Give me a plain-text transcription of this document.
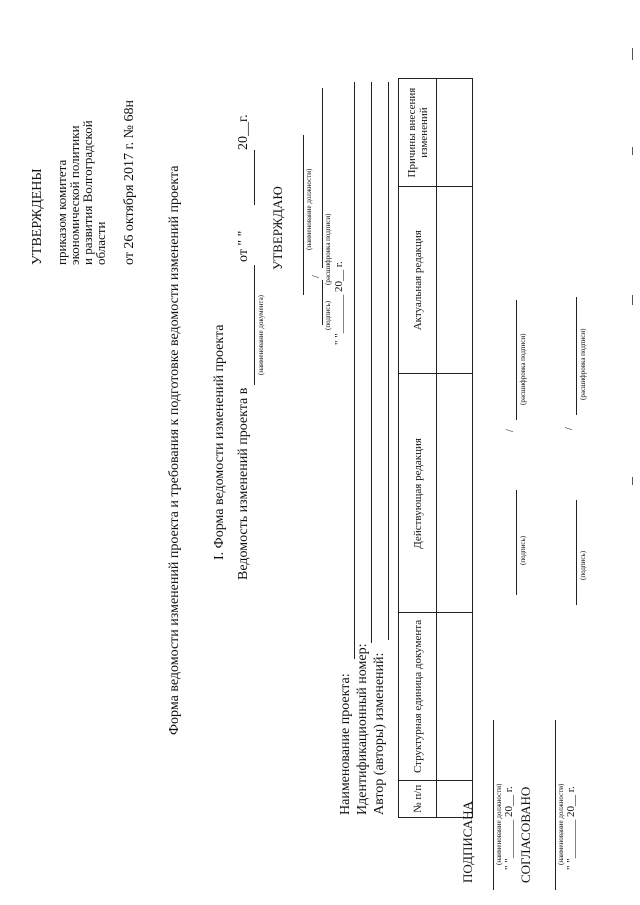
УТВЕРЖДЕНЫ приказом комитета
экономической политики
и развития Волгоградской
области от 26 октября 2017 г. № 68н Форма ведомости изменений проекта и требования к подготовке ведомости изменений проекта I. Форма ведомости изменений проекта Ведомость изменений проекта в
от " "
20__г.
(наименование документа)
УТВЕРЖДАЮ	(наименование должности)
/
(подпись)
(расшифровка подписи)
" "_______ 20__ г.
Наименование проекта: Идентификационный номер: Автор (авторы) изменений: № п/п	Структурная единица документа	Действующая редакция	Актуальная редакция	Причины внесения изменений

ПОДПИСАНА	(наименование должности) " "_______ 20__ г.
(подпись)
/
(расшифровка подписи)
СОГЛАСОВАНО	(наименование должности) " "_______ 20__ г.
(подпись)
/
(расшифровка подписи)
